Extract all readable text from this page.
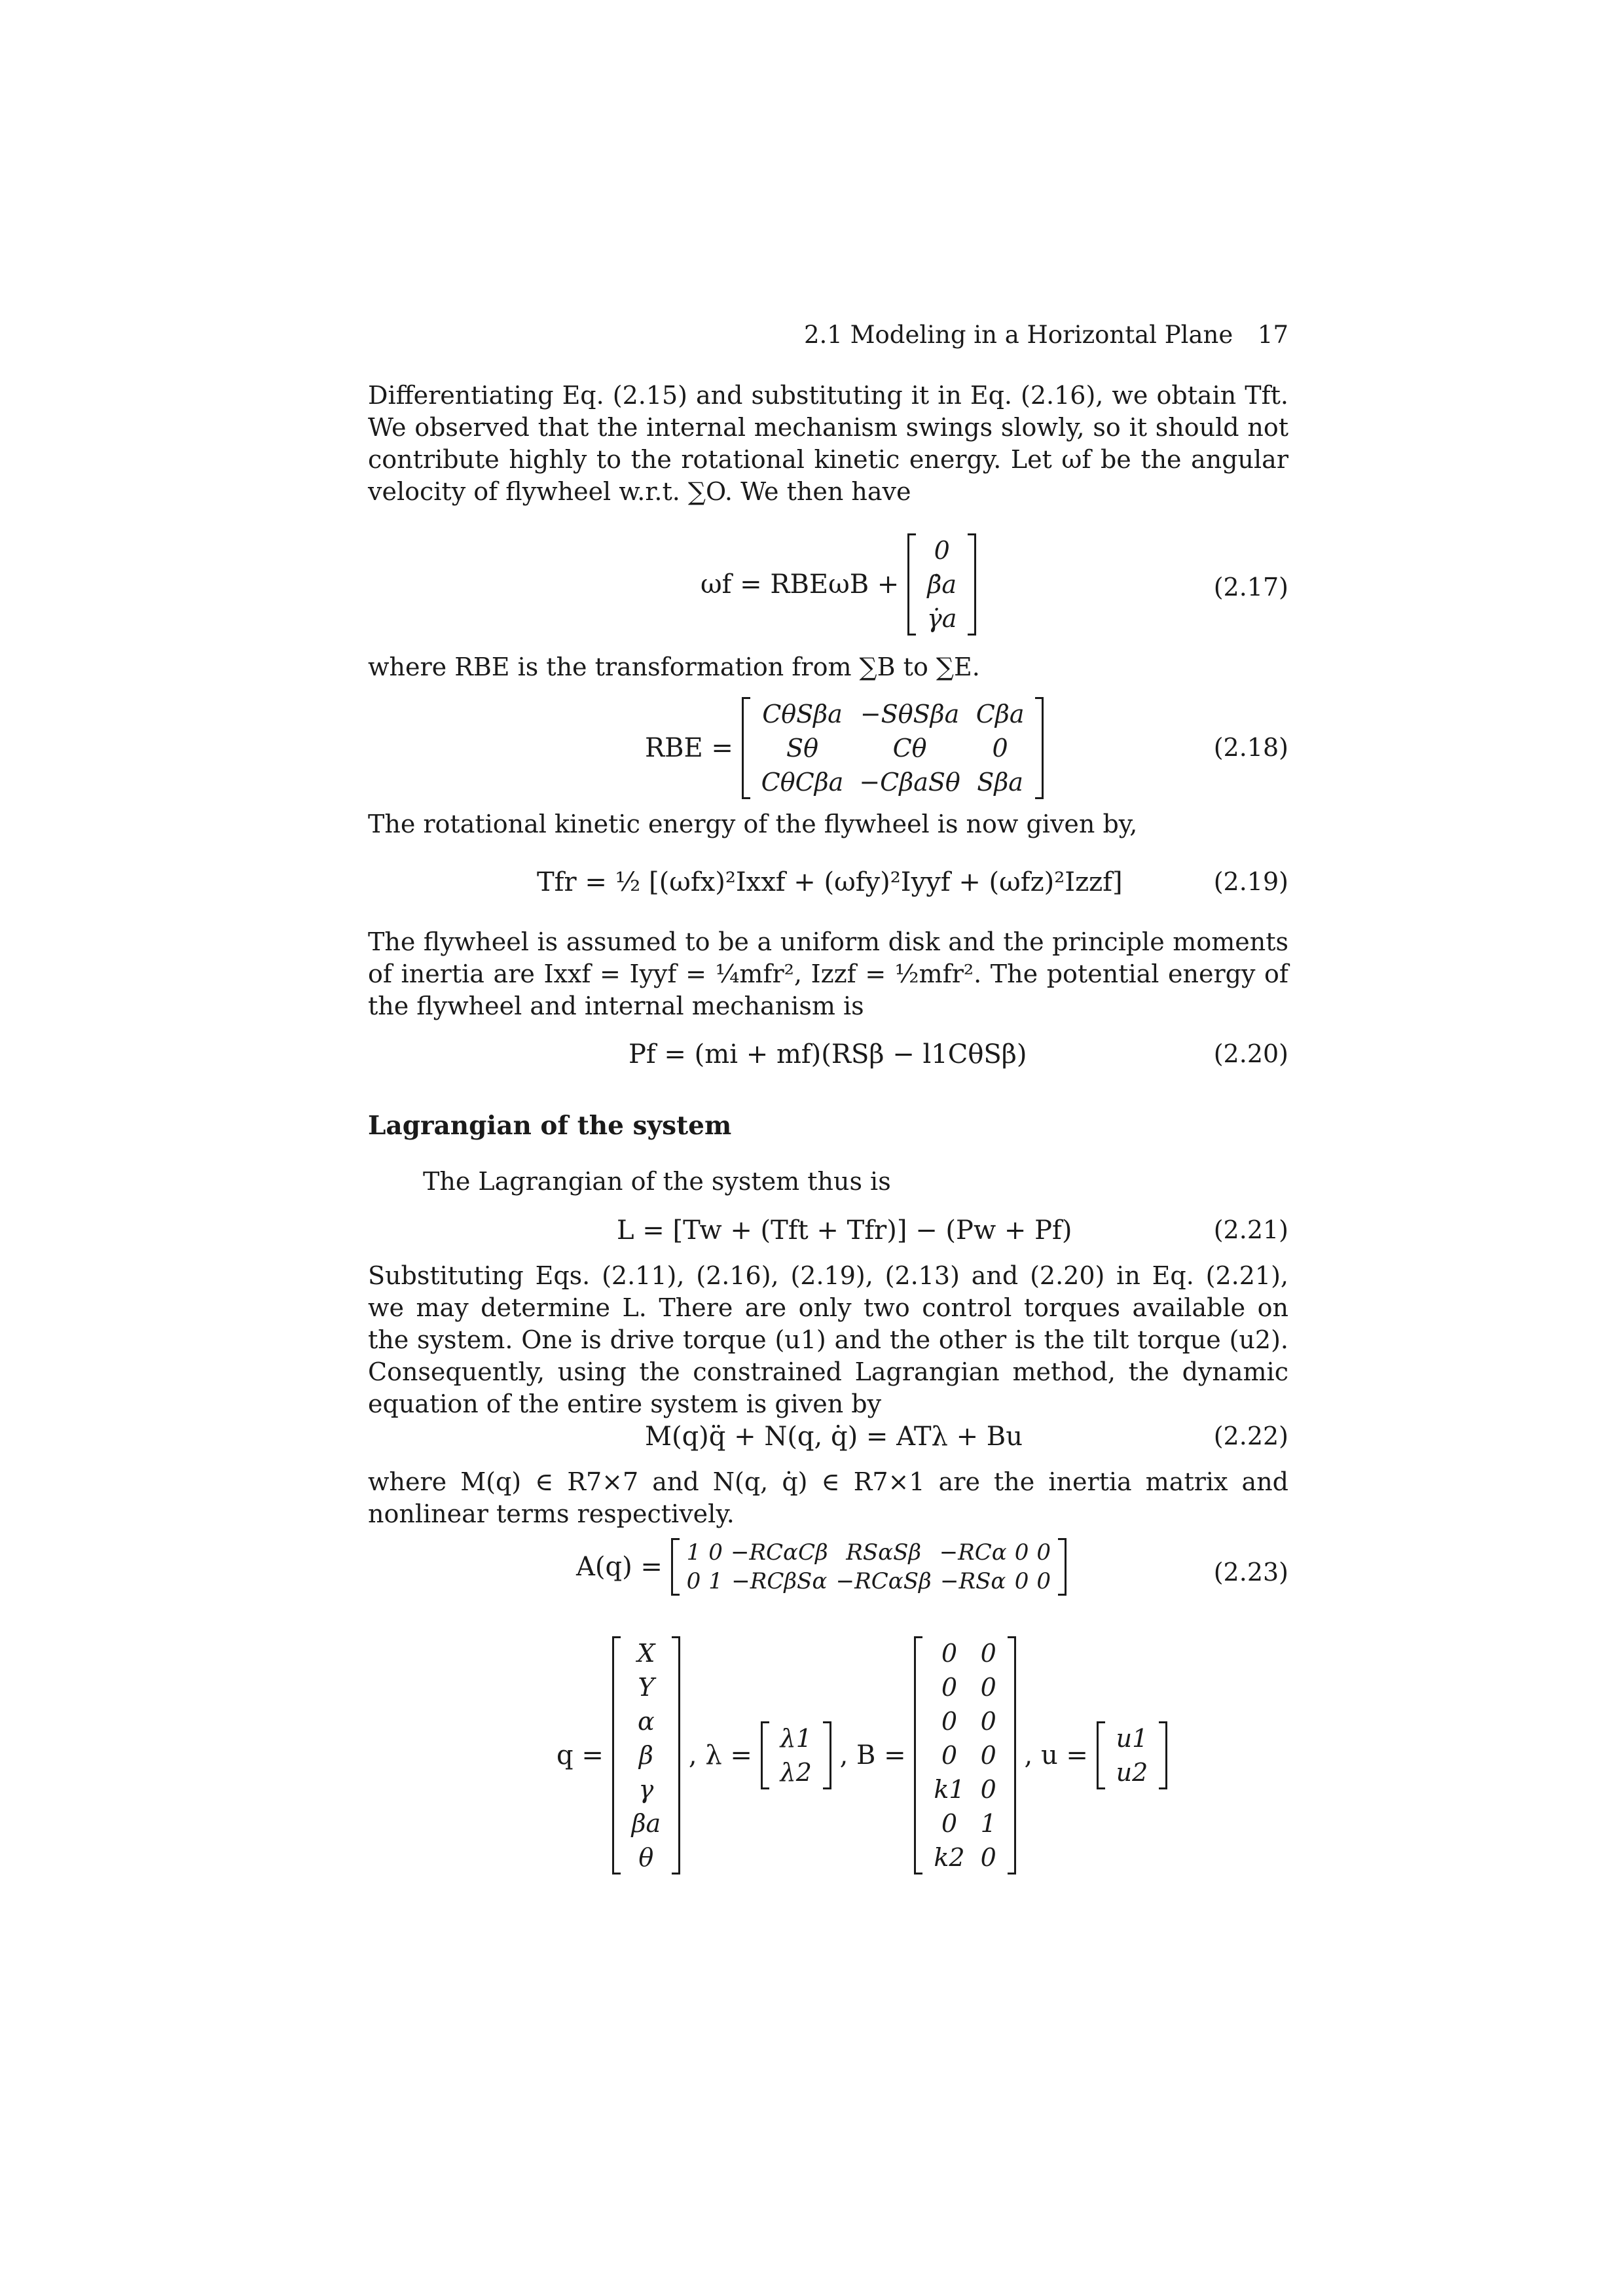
2.1 Modeling in a Horizontal Plane 17

Differentiating Eq. (2.15) and substituting it in Eq. (2.16), we obtain Tft. We observed that the internal mechanism swings slowly, so it should not contribute highly to the rotational kinetic energy. Let ωf be the angular velocity of flywheel w.r.t. ∑O. We then have

ωf = RBEωB +
0
β̇a
γ̇a
(2.17)

where RBE is the transformation from ∑B to ∑E.

RBE =
CθSβa	−SθSβa	Cβa
Sθ	Cθ	0
CθCβa	−CβaSθ	Sβa
(2.18)

The rotational kinetic energy of the flywheel is now given by,

Tfr = ½ [(ωfx)²Ixxf + (ωfy)²Iyyf + (ωfz)²Izzf]	(2.19)

The flywheel is assumed to be a uniform disk and the principle moments of inertia are Ixxf = Iyyf = ¼mfr², Izzf = ½mfr². The potential energy of the flywheel and internal mechanism is

Pf = (mi + mf)(RSβ − l1CθSβ)	(2.20)
Lagrangian of the system
The Lagrangian of the system thus is
L = [Tw + (Tft + Tfr)] − (Pw + Pf)	(2.21)

Substituting Eqs. (2.11), (2.16), (2.19), (2.13) and (2.20) in Eq. (2.21), we may determine L. There are only two control torques available on the system. One is drive torque (u1) and the other is the tilt torque (u2). Consequently, using the constrained Lagrangian method, the dynamic equation of the entire system is given by

M(q)q̈ + N(q, q̇) = ATλ + Bu	(2.22)

where M(q) ∈ R7×7 and N(q, q̇) ∈ R7×1 are the inertia matrix and nonlinear terms respectively.

A(q) = 1	0	−RCαCβ	RSαSβ	−RCα	0	0
0	1	−RCβSα	−RCαSβ	−RSα	0	0	(2.23)
q =
X
Y
α
β
γ
βa
θ
, λ =
λ1
λ2
, B =
0	0
0	0
0	0
0	0
k1	0
0	1
k2	0
, u =
u1
u2
